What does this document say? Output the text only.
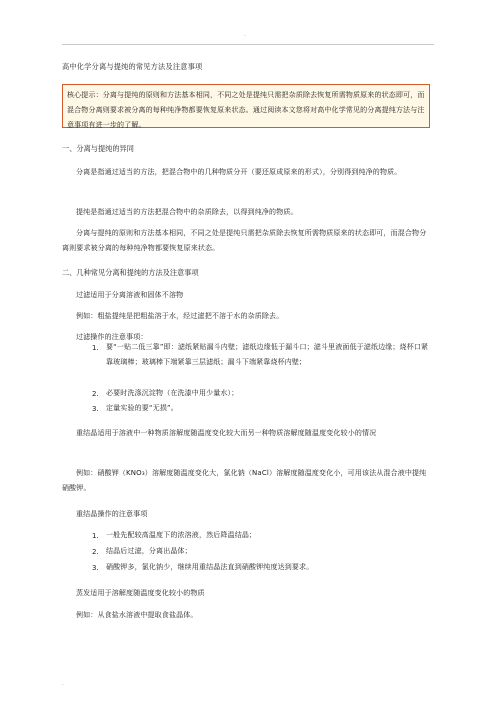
.
高中化学分离与提纯的常见方法及注意事项
核心提示：分离与提纯的原则和方法基本相同，不同之处是提纯只需把杂质除去恢复所需物质原来的状态即可，而混合物分离则要求被分离的每种纯净物都要恢复原来状态。通过阅读本文您将对高中化学常见的分离提纯方法与注意事项有进一步的了解。
一、分离与提纯的异同
分离是指通过适当的方法，把混合物中的几种物质分开（要还原成原来的形式），分别得到纯净的物质。
提纯是指通过适当的方法把混合物中的杂质除去，以得到纯净的物质。
分离与提纯的原则和方法基本相同，不同之处是提纯只需把杂质除去恢复所需物质原来的状态即可，而混合物分离则要求被分离的每种纯净物都要恢复原来状态。
二、几种常见分离和提纯的方法及注意事项
过滤适用于分离溶液和固体不溶物
例如：粗盐提纯是把粗盐溶于水，经过滤把不溶于水的杂质除去。
过滤操作的注意事项：
1. 要“一贴二低三靠”即：滤纸紧贴漏斗内壁；滤纸边缘低于漏斗口；滤斗里液面低于滤纸边缘；烧杯口紧靠玻璃棒；玻璃棒下端紧靠三层滤纸；漏斗下端紧靠烧杯内壁；
2. 必要时洗涤沉淀物（在洗漆中用少量水）；
3. 定量实验的要“无损”。
重结晶适用于溶液中一种物质溶解度随温度变化较大而另一种物质溶解度随温度变化较小的情况
例如：硝酸钾（KNO₃）溶解度随温度变化大，氯化钠（NaCl）溶解度随温度变化小，可用该法从混合液中提纯硝酸钾。
重结晶操作的注意事项
1. 一般先配较高温度下的浓溶液，然后降温结晶；
2. 结晶后过滤，分离出晶体；
3. 硝酸钾多，氯化钠少，继续用重结晶法直到硝酸钾纯度达到要求。
蒸发适用于溶解度随温度变化较小的物质
例如：从食盐水溶液中提取食盐晶体。
.
